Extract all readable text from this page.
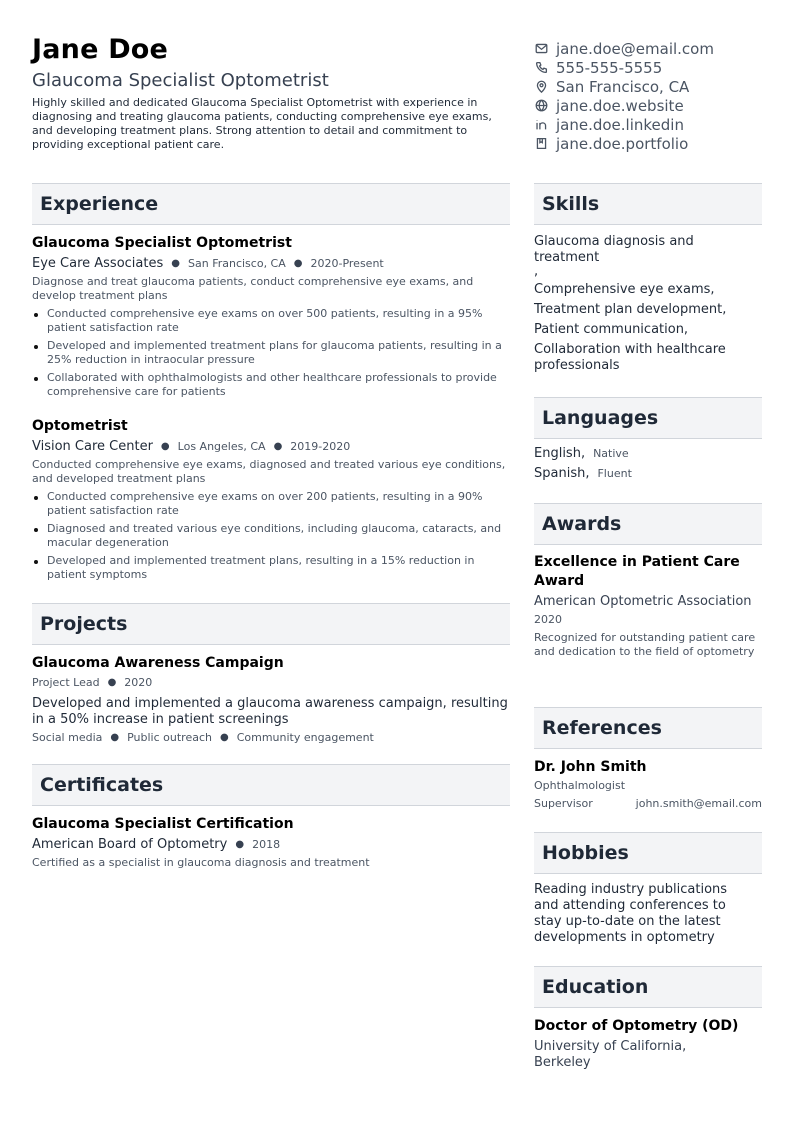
Jane Doe
Glaucoma Specialist Optometrist
Highly skilled and dedicated Glaucoma Specialist Optometrist with experience in diagnosing and treating glaucoma patients, conducting comprehensive eye exams, and developing treatment plans. Strong attention to detail and commitment to providing exceptional patient care.
jane.doe@email.com
555-555-5555
San Francisco, CA
jane.doe.website
jane.doe.linkedin
jane.doe.portfolio
Experience
Glaucoma Specialist Optometrist
Eye Care Associates ● San Francisco, CA ● 2020-Present
Diagnose and treat glaucoma patients, conduct comprehensive eye exams, and develop treatment plans
Conducted comprehensive eye exams on over 500 patients, resulting in a 95% patient satisfaction rate
Developed and implemented treatment plans for glaucoma patients, resulting in a 25% reduction in intraocular pressure
Collaborated with ophthalmologists and other healthcare professionals to provide comprehensive care for patients
Optometrist
Vision Care Center ● Los Angeles, CA ● 2019-2020
Conducted comprehensive eye exams, diagnosed and treated various eye conditions, and developed treatment plans
Conducted comprehensive eye exams on over 200 patients, resulting in a 90% patient satisfaction rate
Diagnosed and treated various eye conditions, including glaucoma, cataracts, and macular degeneration
Developed and implemented treatment plans, resulting in a 15% reduction in patient symptoms
Projects
Glaucoma Awareness Campaign
Project Lead ● 2020
Developed and implemented a glaucoma awareness campaign, resulting in a 50% increase in patient screenings
Social media ● Public outreach ● Community engagement
Certificates
Glaucoma Specialist Certification
American Board of Optometry ● 2018
Certified as a specialist in glaucoma diagnosis and treatment
Skills
Glaucoma diagnosis and treatment
,
Comprehensive eye exams,
Treatment plan development,
Patient communication,
Collaboration with healthcare professionals
Languages
English, Native
Spanish, Fluent
Awards
Excellence in Patient Care Award
American Optometric Association
2020
Recognized for outstanding patient care and dedication to the field of optometry
References
Dr. John Smith
Ophthalmologist
Supervisor	john.smith@email.com
Hobbies
Reading industry publications and attending conferences to stay up-to-date on the latest developments in optometry
Education
Doctor of Optometry (OD)
University of California, Berkeley
